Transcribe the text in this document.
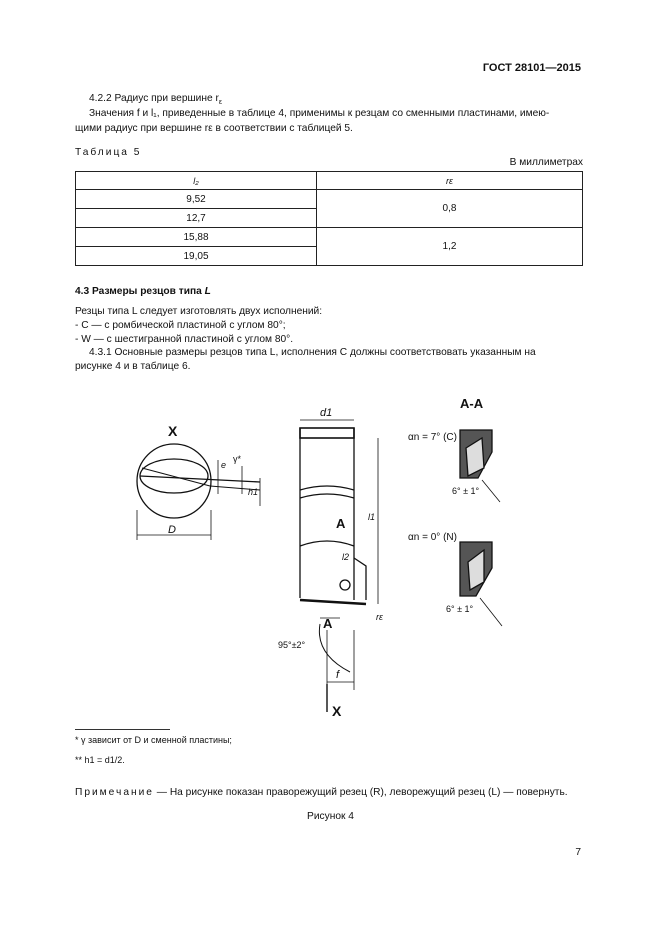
ГОСТ 28101—2015
4.2.2 Радиус при вершине $r_\varepsilon$
Значения f и l₁, приведенные в таблице 4, применимы к резцам со сменными пластинами, имею-
щими радиус при вершине rε в соответствии с таблицей 5.
Таблица 5
В миллиметрах
l₂	rε
9,52	0,8
12,7	
15,88	1,2
19,05	
4.3 Размеры резцов типа L
Резцы типа L следует изготовлять двух исполнений:
- C — с ромбической пластиной с углом 80°;
- W — с шестигранной пластиной с углом 80°.
4.3.1 Основные размеры резцов типа L, исполнения C должны соответствовать указанным на
рисунке 4 и в таблице 6.
X
D
e
γ*
h1
d1
l1
l2
rε
f
A
A
95°±2°
X
А-А
αn = 7° (C)
6° ± 1°
αn = 0° (N)
6° ± 1°
* γ зависит от D и сменной пластины;
** h1 = d1/2.
Примечание — На рисунке показан праворежущий резец (R), леворежущий резец (L) — повернуть.
Рисунок 4
7
